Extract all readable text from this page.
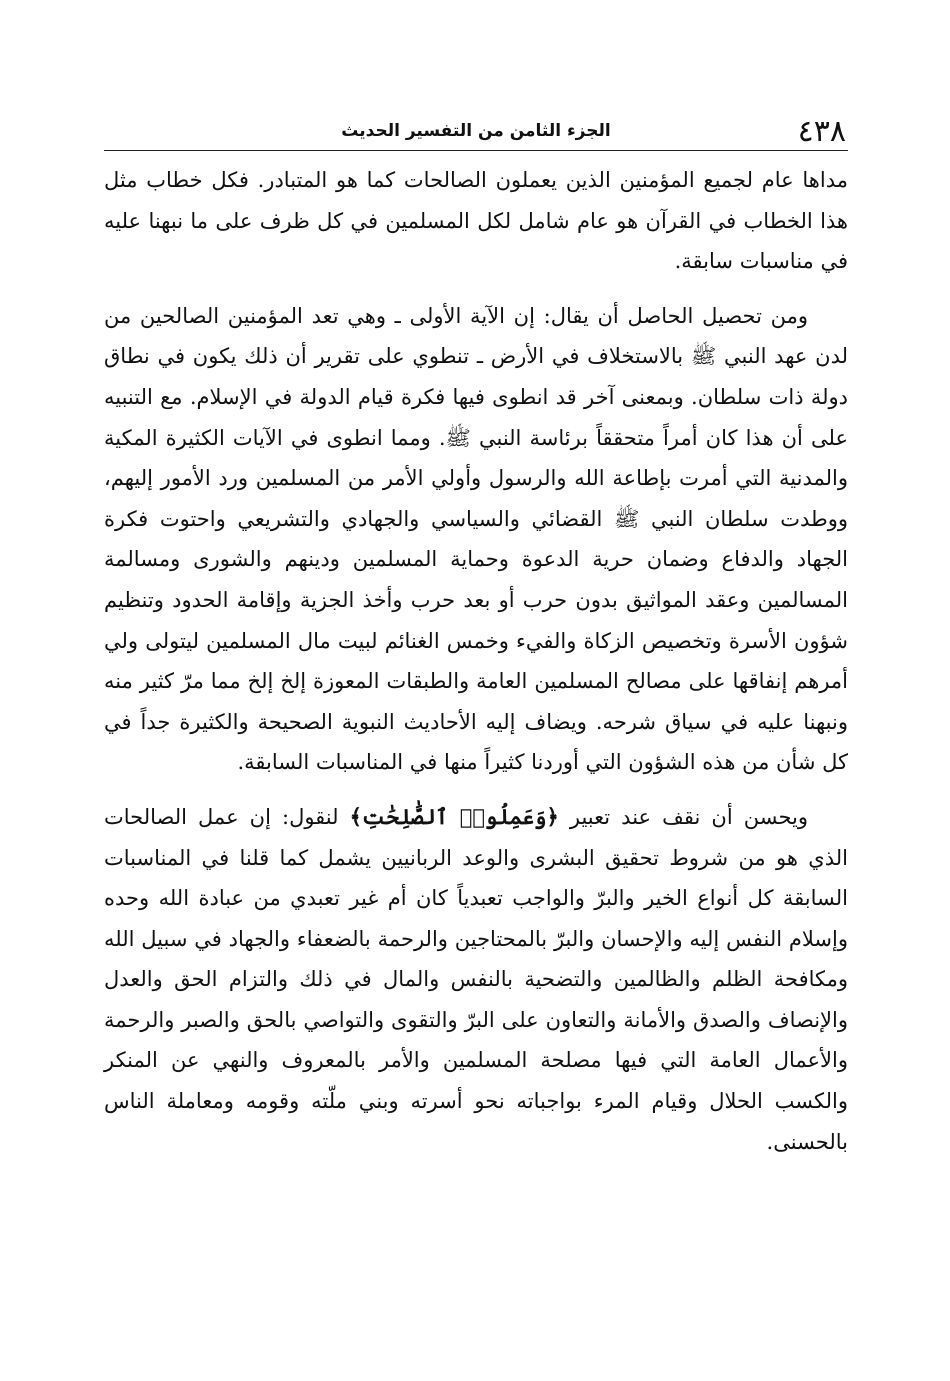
٤٣٨
الجزء الثامن من التفسير الحديث

مداها عام لجميع المؤمنين الذين يعملون الصالحات كما هو المتبادر. فكل خطاب مثل هذا الخطاب في القرآن هو عام شامل لكل المسلمين في كل ظرف على ما نبهنا عليه في مناسبات سابقة.

ومن تحصيل الحاصل أن يقال: إن الآية الأولى ـ وهي تعد المؤمنين الصالحين من لدن عهد النبي ﷺ بالاستخلاف في الأرض ـ تنطوي على تقرير أن ذلك يكون في نطاق دولة ذات سلطان. وبمعنى آخر قد انطوى فيها فكرة قيام الدولة في الإسلام. مع التنبيه على أن هذا كان أمراً متحققاً برئاسة النبي ﷺ. ومما انطوى في الآيات الكثيرة المكية والمدنية التي أمرت بإطاعة الله والرسول وأولي الأمر من المسلمين ورد الأمور إليهم، ووطدت سلطان النبي ﷺ القضائي والسياسي والجهادي والتشريعي واحتوت فكرة الجهاد والدفاع وضمان حرية الدعوة وحماية المسلمين ودينهم والشورى ومسالمة المسالمين وعقد المواثيق بدون حرب أو بعد حرب وأخذ الجزية وإقامة الحدود وتنظيم شؤون الأسرة وتخصيص الزكاة والفيء وخمس الغنائم لبيت مال المسلمين ليتولى ولي أمرهم إنفاقها على مصالح المسلمين العامة والطبقات المعوزة إلخ إلخ مما مرّ كثير منه ونبهنا عليه في سياق شرحه. ويضاف إليه الأحاديث النبوية الصحيحة والكثيرة جداً في كل شأن من هذه الشؤون التي أوردنا كثيراً منها في المناسبات السابقة.

ويحسن أن نقف عند تعبير ﴿وَعَمِلُوا۟ ٱلصَّٰلِحَٰتِ﴾ لنقول: إن عمل الصالحات الذي هو من شروط تحقيق البشرى والوعد الربانيين يشمل كما قلنا في المناسبات السابقة كل أنواع الخير والبرّ والواجب تعبدياً كان أم غير تعبدي من عبادة الله وحده وإسلام النفس إليه والإحسان والبرّ بالمحتاجين والرحمة بالضعفاء والجهاد في سبيل الله ومكافحة الظلم والظالمين والتضحية بالنفس والمال في ذلك والتزام الحق والعدل والإنصاف والصدق والأمانة والتعاون على البرّ والتقوى والتواصي بالحق والصبر والرحمة والأعمال العامة التي فيها مصلحة المسلمين والأمر بالمعروف والنهي عن المنكر والكسب الحلال وقيام المرء بواجباته نحو أسرته وبني ملّته وقومه ومعاملة الناس بالحسنى.
